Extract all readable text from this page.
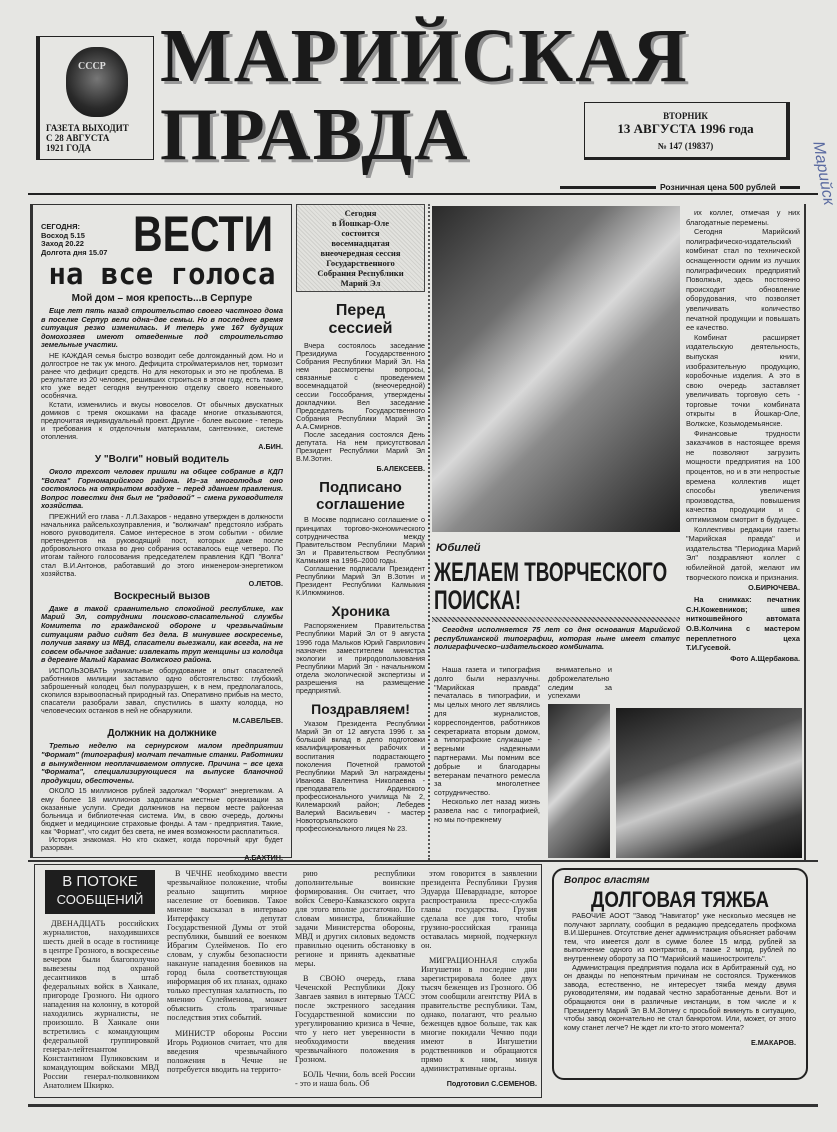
СССР
ГАЗЕТА ВЫХОДИТ
С 28 АВГУСТА
1921 ГОДА
МАРИЙСКАЯ
ПРАВДА	ВТОРНИК
13 АВГУСТА 1996 года
№ 147 (19837)
Розничная цена 500 рублей Марийск
СЕГОДНЯ:
Восход 5.15
Заход 20.22
Долгота дня 15.07 ВЕСТИ
на все голоса
Мой дом – моя крепость...в Серпуре
Еще лет пять назад строительство своего частного дома в поселке Серпур вели одна–две семьи. Но в последнее время ситуация резко изменилась. И теперь уже 167 будущих домохозяев имеют отведенные под строительство земельные участки.

НЕ КАЖДАЯ семья быстро возводит себе долгожданный дом. Но и долгострое не так уж много. Дефицита стройматериалов нет, тормозит ранее что дефицит средств. Но для некоторых и это не проблема. В результате из 20 человек, решивших строиться в этом году, есть такие, кто уже ведет сегодня внутреннюю отделку своего новенького особнячка.

Кстати, изменились и вкусы новоселов. От обычных двускатных домиков с тремя окошками на фасаде многие отказываются, предпочитая индивидуальный проект. Другие - более высокие - теперь и требования к отделочным материалам, сантехнике, системе отопления.

А.БИН.
У "Волги" новый водитель
Около трехсот человек пришли на общее собрание в КДП "Волга" Горномарийского района. Из–за многолюдья оно состоялось на открытом воздухе – перед зданием правления. Вопрос повестки дня был не "рядовой" – смена руководителя хозяйства.

ПРЕЖНИЙ его глава - Л.Л.Захаров - недавно утвержден в должности начальника райсельхозуправления, и "волжичам" предстояло избрать нового руководителя. Самое интересное в этом событии - обилие претендентов на руководящий пост, которых даже после добровольного отказа во дню собрания оставалось еще четверо. По итогам тайного голосования председателем правления КДП "Волга" стал В.И.Антонов, работавший до этого инженером-энергетиком хозяйства.

О.ЛЕТОВ.
Воскресный вызов
Даже в такой сравнительно спокойной республике, как Марий Эл, сотрудники поисково-спасательной службы Комитета по гражданской обороне и чрезвычайным ситуациям радио сидят без дела. В минувшее воскресенье, получив заявку из МВД, спасатели выезжали, как всегда, на не совсем обычное задание: извлекать труп женщины из колодца в деревне Малый Карамас Волжского района.

ИСПОЛЬЗОВАТЬ уникальные оборудование и опыт спасателей работников милиции заставило одно обстоятельство: глубокий, заброшенный колодец был полуразрушен, к в нем, предполагалось, скопился взрывоопасный природный газ. Оперативно прибыв на место, спасатели разобрали завал, спустились в шахту колодца, но человеческих останков в ней не обнаружили.

М.САВЕЛЬЕВ.
Должник на должнике
Третью неделю на сернурском малом предприятии "Формат" (типография) молчат печатные станки. Работники в вынужденном неоплачиваемом отпуске. Причина – все цеха "Формата", специализирующиеся на выпуске бланочной продукции, обесточены.

ОКОЛО 15 миллионов рублей задолжал "Формат" энергетикам. А ему более 18 миллионов задолжали местные организации за оказанные услуги. Среди должников на первом месте районная больница и библиотечная система. Им, в свою очередь, должны бюджет и медицинские страховые фонды. А там - предприятия. Такие, как "Формат", что сидит без света, не имея возможности расплатиться.

История знакомая. Но кто скажет, когда порочный круг будет разорван.

А.БАХТИН.
Сегодня
в Йошкар-Оле
состоится
восемнадцатая
внеочередная сессия
Государственного
Собрания Республики
Марий Эл
Перед сессией

Вчера состоялось заседание Президиума Государственного Собрания Республики Марий Эл. На нем рассмотрены вопросы, связанные с проведением восемнадцатой (внеочередной) сессии Госсобрания, утверждены докладчики. Вел заседание Председатель Государственного Собрания Республики Марий Эл А.А.Смирнов.

После заседания состоялся День депутата. На нем присутствовал Президент Республики Марий Эл В.М.Зотин.

Б.АЛЕКСЕЕВ.
Подписано соглашение

В Москве подписано соглашение о принципах торгово-экономического сотрудничества между Правительством Республики Марий Эл и Правительством Республики Калмыкия на 1996–2000 годы.

Соглашение подписали Президент Республики Марий Эл В.Зотин и Президент Республики Калмыкия К.Илюмжинов.

Хроника

Распоряжением Правительства Республики Марий Эл от 9 августа 1996 года Мальков Юрий Гаврилович назначен заместителем министра экологии и природопользования Республики Марий Эл - начальником отдела экологической экспертизы и разрешения на размещение предприятий.

Поздравляем!

Указом Президента Республики Марий Эл от 12 августа 1996 г. за большой вклад в дело подготовки квалифицированных рабочих и воспитания подрастающего поколения Почетной грамотой Республики Марий Эл награждены Иванова Валентина Николаевна - преподаватель Ардинского профессионального училища № 2, Килемарский район; Лебедев Валерий Васильевич - мастер Новоторъяльского профессионального лицея № 23.

Юбилей
ЖЕЛАЕМ ТВОРЧЕСКОГО ПОИСКА!
Сегодня исполняется 75 лет со дня основания Марийской республиканской типографии, которая ныне имеет статус полиграфическо–издательского комбината.

Наша газета и типография долго были неразлучны. "Марийская правда" печаталась в типографии, и мы целых много лет являлись для журналистов, корреспондентов, работников секретариата вторым домом, а типографские служащие - верными надежными партнерами. Мы помним все добрые и благодарны ветеранам печатного ремесла за многолетнее сотрудничество.

Несколько лет назад жизнь развела нас с типографией, но мы по-прежнему

внимательно и доброжелательно следим за успехами

их коллег, отмечая у них благодатные перемены.

Сегодня Марийский полиграфическо-издательский комбинат стал по технической оснащенности одним из лучших полиграфических предприятий Поволжья, здесь постоянно происходит обновление оборудования, что позволяет увеличивать количество печатной продукции и повышать ее качество.

Комбинат расширяет издательскую деятельность, выпуская книги, изобразительную продукцию, коробочные изделия. А это в свою очередь заставляет увеличивать торговую сеть - торговые точки комбината открыты в Йошкар-Оле, Волжске, Козьмодемьянске.

Финансовые трудности заказчиков в настоящее время не позволяют загрузить мощности предприятия на 100 процентов, но и в эти непростые времена коллектив ищет способы увеличения производства, повышения качества продукции и с оптимизмом смотрит в будущее.

Коллективы редакции газеты "Марийская правда" и издательства "Периодика Марий Эл" поздравляют коллег с юбилейной датой, желают им творческого поиска и признания.

О.БИРЮЧЕВА.

На снимках: печатник С.Н.Кожевников; швея ниткошвейного автомата О.В.Колчина с мастером переплетного цеха Т.И.Гусевой.

Фото А.Щербакова.
В ПОТОКЕ
СООБЩЕНИЙ

ДВЕНАДЦАТЬ российских журналистов, находившихся шесть дней в осаде в гостинице в центре Грозного, в воскресенье вечером были благополучно вывезены под охраной десантников в штаб федеральных войск в Ханкале, пригороде Грозного. Ни одного нападения на колонну, в которой находились журналисты, не произошло. В Ханкале они встретились с командующим федеральной группировкой генерал-лейтенантом Константином Пуликовским и командующим войсками МВД России генерал-полковником Анатолием Шкирко.

В ЧЕЧНЕ необходимо ввести чрезвычайное положение, чтобы реально защитить мирное население от боевиков. Такое мнение высказал в интервью Интерфаксу депутат Государственной Думы от этой республики, бывший ее военком Ибрагим Сулейменов. По его словам, у службы безопасности накануне нападения боевиков на город была соответствующая информация об их планах, однако только преступная халатность, по мнению Сулейменова, может объяснить столь трагичные последствия этих событий.

МИНИСТР обороны России Игорь Родионов считает, что для введения чрезвычайного положения в Чечне не потребуется вводить на террито-

рию республики дополнительные воинские формирования. Он считает, что войск Северо-Кавказского округа для этого вполне достаточно. По словам министра, ближайшие задачи Министерства обороны, МВД и других силовых ведомств правильно оценить обстановку в регионе и принять адекватные меры.

В СВОЮ очередь, глава Чеченской Республики Доку Завгаев заявил в интервью ТАСС после экстренного заседания Государственной комиссии по урегулированию кризиса в Чечне, что у него нет уверенности в необходимости введения чрезвычайного положения в Грозном.

БОЛЬ Чечни, боль всей России - это и наша боль. Об

этом говорится в заявлении президента Республики Грузия Эдуарда Шеварднадзе, которое распространила пресс-служба главы государства. Грузия сделала все для того, чтобы грузино-российская граница оставалась мирной, подчеркнул он.

МИГРАЦИОННАЯ служба Ингушетии в последние дни зарегистрировала более двух тысяч беженцев из Грозного. Об этом сообщили агентству РИА в правительстве республики. Там, однако, полагают, что реально беженцев вдвое больше, так как многие покидали Чечню поди имеют в Ингушетии родственников и обращаются прямо к ним, минуя административные органы.

Подготовил С.СЕМЕНОВ.
Вопрос властям
ДОЛГОВАЯ ТЯЖБА

РАБОЧИЕ АООТ "Завод "Навигатор" уже несколько месяцев не получают зарплату, сообщил в редакцию председатель профкома В.И.Шершнев. Отсутствие денег администрация объясняет рабочим тем, что имеется долг в сумме более 15 млрд. рублей за выполнение одного из контрактов, а также 2 млрд. рублей по внутреннему обороту за ПО "Марийский машиностроитель".

Администрация предприятия подала иск в Арбитражный суд, но он дважды по непонятным причинам не состоялся. Тружеников завода, естественно, не интересует тяжба между двумя руководителями, им подавай честно заработанные деньги. Вот и обращаются они в различные инстанции, в том числе и к Президенту Марий Эл В.М.Зотину с просьбой вникнуть в ситуацию, чтобы завод окончательно не стал банкротом. Или, может, от этого кому станет легче? Не ждет ли кто-то этого момента?

Е.МАКАРОВ.
